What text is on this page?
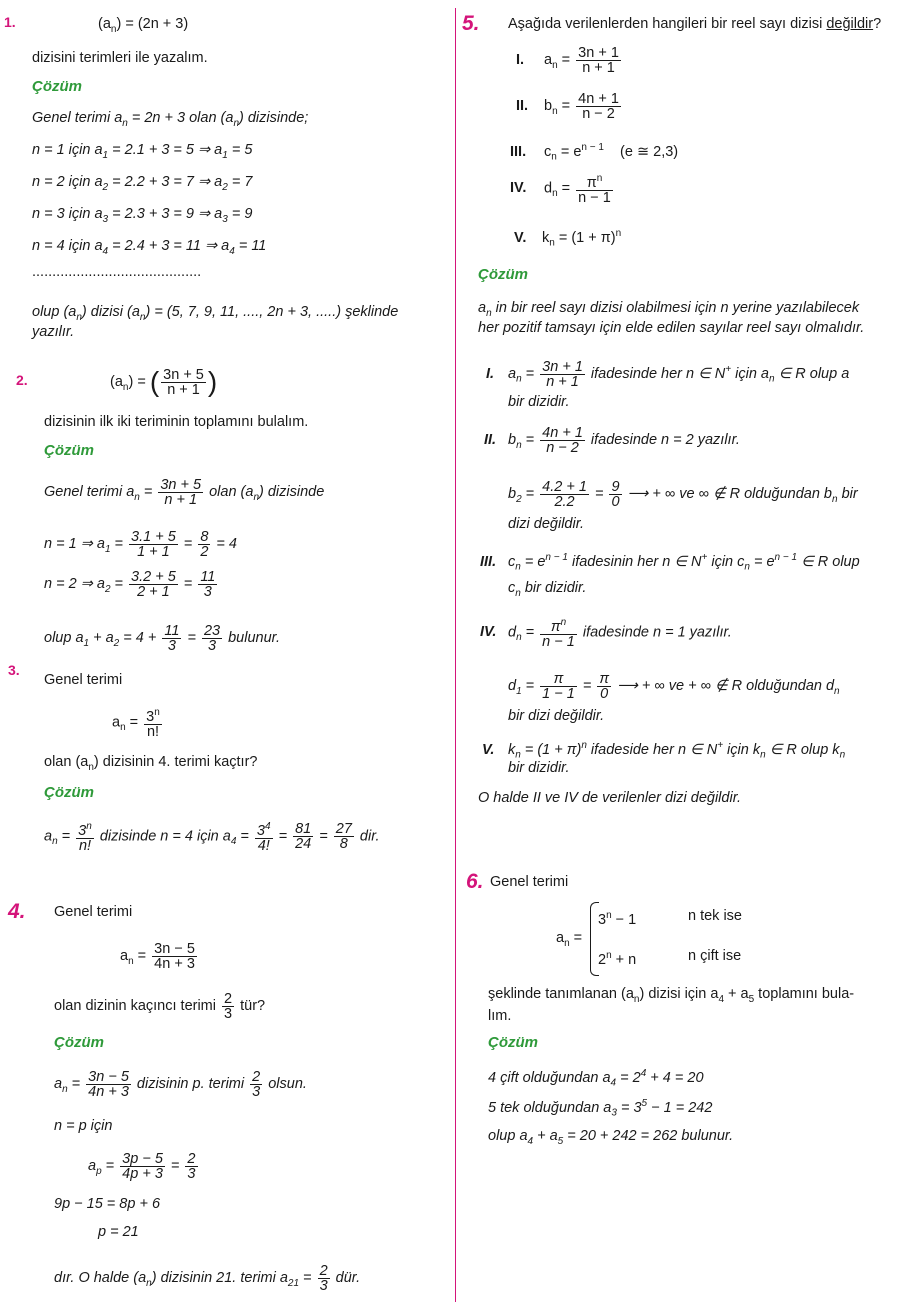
1.	$(a_n) = (2n + 3)$
dizisini terimleri ile yazalım.
Çözüm
Genel terimi $a_n = 2n + 3$ olan $(a_n)$ dizisinde;
n = 1 için $a_1 = 2.1 + 3 = 5$ ⇒ $a_1 = 5$
n = 2 için $a_2 = 2.2 + 3 = 7$ ⇒ $a_2 = 7$
n = 3 için $a_3 = 2.3 + 3 = 9$ ⇒ $a_3 = 9$
n = 4 için $a_4 = 2.4 + 3 = 11$ ⇒ $a_4 = 11$
..........................................
olup $(a_n)$ dizisi $(a_n) = (5$, 7, 9, 11, ...., 2n + 3, .....) şeklinde
yazılır.
2.	$(a_n)$ = ( $\frac{3n + 5}{n + 1}$ )
dizisinin ilk iki teriminin toplamını bulalım.
Çözüm
Genel terimi $a_n = \frac{3n + 5}{n + 1}$ olan $(a_n)$ dizisinde
n = 1 ⇒ $a_1 = \frac{3.1 + 5}{1 + 1} = \frac{8}{2} = 4$
n = 2 ⇒ $a_2 = \frac{3.2 + 5}{2 + 1} = \frac{11}{3}$
olup $a_1 + a_2 = 4 + \frac{11}{3} = \frac{23}{3}$ bulunur.
3.
Genel terimi
$a_n = \frac{3^n}{n!}$
olan $(a_n)$ dizisinin 4. terimi kaçtır?
Çözüm
$a_n = \frac{3^n}{n!}$ dizisinde n = 4 için $a_4 = \frac{3^4}{4!} = \frac{81}{24} = \frac{27}{8}$ dir.
4. Genel terimi
$a_n = \frac{3n - 5}{4n + 3}$
olan dizinin kaçıncı terimi $\frac{2}{3}$ tür?
Çözüm
$a_n = \frac{3n - 5}{4n + 3}$ dizisinin p. terimi $\frac{2}{3}$ olsun.
n = p için
$a_p = \frac{3p - 5}{4p + 3} = \frac{2}{3}$
9p − 15 = 8p + 6
p = 21
dır. O halde $(a_n)$ dizisinin 21. terimi $a_{21} = \frac{2}{3}$ dür.
5. Aşağıda verilenlerden hangileri bir reel sayı dizisi değildir?
I. $a_n = \frac{3n + 1}{n + 1}$
II. $b_n = \frac{4n + 1}{n - 2}$
III. $c_n = e^{n - 1}$    (e ≅ 2,3)
IV. $d_n = \frac{\pi^n}{n - 1}$
V. $k_n = (1 + \pi)^n$
Çözüm
$a_n$ in bir reel sayı dizisi olabilmesi için n yerine yazılabilecek
her pozitif tamsayı için elde edilen sayılar reel sayı olmalıdır.
I. $a_n = \frac{3n + 1}{n + 1}$ ifadesinde her n ∈ N+ için $a_n$ ∈ R olup a
bir dizidir.
II. $b_n = \frac{4n + 1}{n - 2}$ ifadesinde n = 2 yazılır.
$b_2 = \frac{4.2 + 1}{2.2} = \frac{9}{0}$ ⟶ + ∞ ve ∞ ∉ R olduğundan $b_n$ bir
dizi değildir.
III. $c_n = e^{n - 1}$ ifadesinin her n ∈ N+ için $c_n = e^{n - 1}$ ∈ R olup
$c_n$ bir dizidir.
IV. $d_n = \frac{\pi^n}{n - 1}$ ifadesinde n = 1 yazılır.
$d_1 = \frac{\pi}{1 - 1} = \frac{\pi}{0}$ ⟶ + ∞ ve + ∞ ∉ R olduğundan $d_n$
bir dizi değildir.
V. $k_n = (1 + \pi)^n$ ifadeside her n ∈ N+ için $k_n$ ∈ R olup $k_n$
bir dizidir.
O halde II ve IV de verilenler dizi değildir.
6. Genel terimi
$a_n$ =
$3^n - 1$	n tek ise
$2^n + n$	n çift ise
şeklinde tanımlanan $(a_n)$ dizisi için $a_4 + a_5$ toplamını bula-
lım.
Çözüm
4 çift olduğundan $a_4 = 2^4 + 4 = 20$
5 tek olduğundan $a_3 = 3^5 - 1 = 242$
olup $a_4 + a_5 = 20 + 242 = 262$ bulunur.
